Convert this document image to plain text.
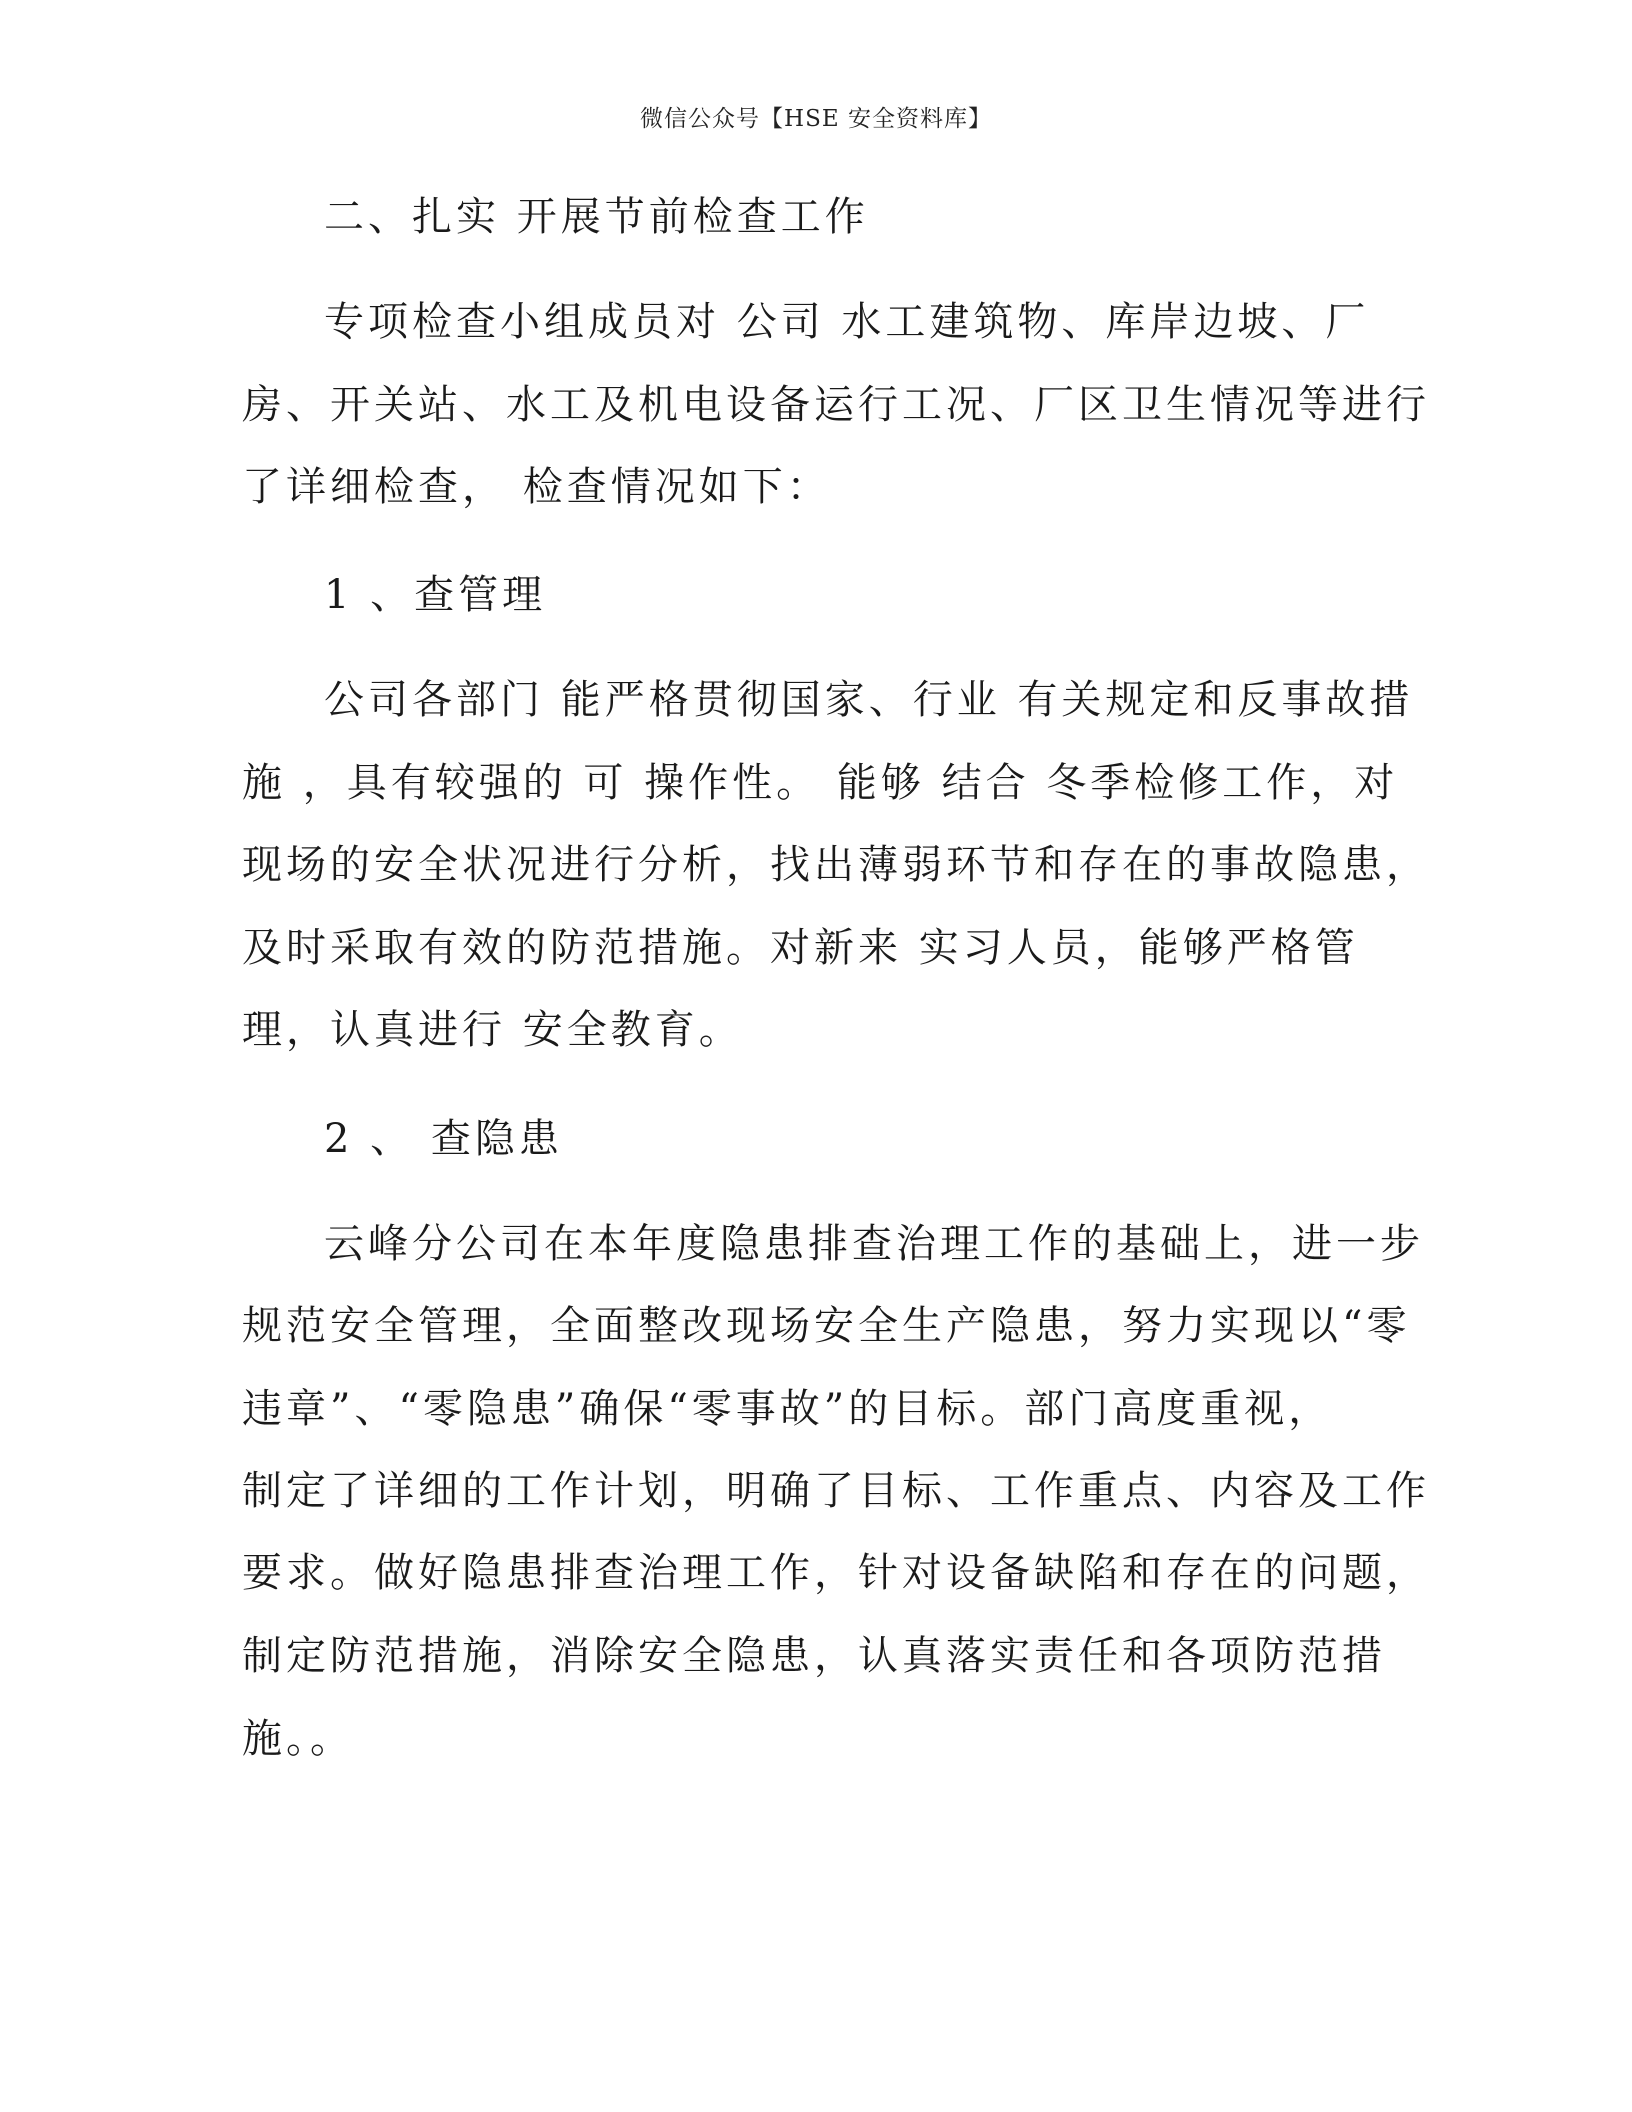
微信公众号【HSE 安全资料库】
二、扎实 开展节前检查工作
专项检查小组成员对 公司 水工建筑物、库岸边坡、厂
房、开关站、水工及机电设备运行工况、厂区卫生情况等进行
了详细检查， 检查情况如下：
1 、查管理
公司各部门 能严格贯彻国家、行业 有关规定和反事故措
施 ，具有较强的 可 操作性。 能够 结合 冬季检修工作，对
现场的安全状况进行分析，找出薄弱环节和存在的事故隐患，
及时采取有效的防范措施。对新来 实习人员，能够严格管
理，认真进行 安全教育。
2 、 查隐患
云峰分公司在本年度隐患排查治理工作的基础上，进一步
规范安全管理，全面整改现场安全生产隐患，努力实现以“零
违章”、“零隐患”确保“零事故”的目标。部门高度重视，
制定了详细的工作计划，明确了目标、工作重点、内容及工作
要求。做好隐患排查治理工作，针对设备缺陷和存在的问题，
制定防范措施，消除安全隐患，认真落实责任和各项防范措
施。。
